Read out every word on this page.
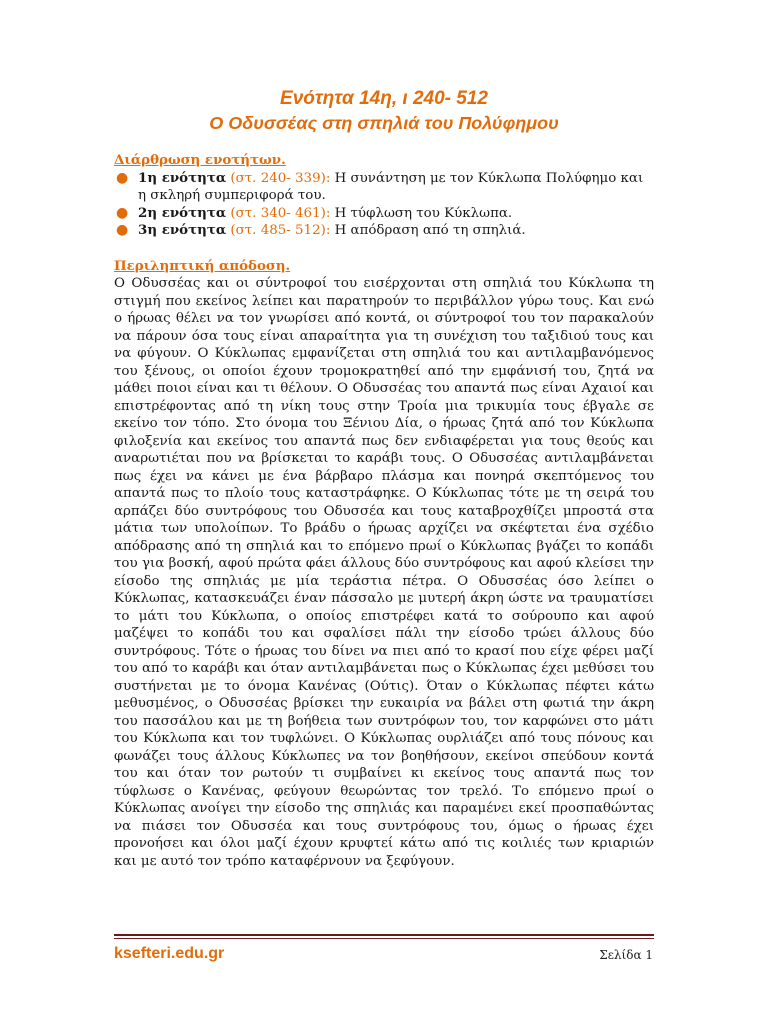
Ενότητα 14η, ι 240- 512
Ο Οδυσσέας στη σπηλιά του Πολύφημου
Διάρθρωση ενοτήτων.
● 1η ενότητα (στ. 240- 339): Η συνάντηση με τον Κύκλωπα Πολύφημο και η σκληρή συμπεριφορά του.
● 2η ενότητα (στ. 340- 461): Η τύφλωση του Κύκλωπα.
● 3η ενότητα (στ. 485- 512): Η απόδραση από τη σπηλιά.
Περιληπτική απόδοση.

Ο Οδυσσέας και οι σύντροφοί του εισέρχονται στη σπηλιά του Κύκλωπα τη στιγμή που εκείνος λείπει και παρατηρούν το περιβάλλον γύρω τους. Και ενώ ο ήρωας θέλει να τον γνωρίσει από κοντά, οι σύντροφοί του τον παρακαλούν να πάρουν όσα τους είναι απαραίτητα για τη συνέχιση του ταξιδιού τους και να φύγουν. Ο Κύκλωπας εμφανίζεται στη σπηλιά του και αντιλαμβανόμενος του ξένους, οι οποίοι έχουν τρομοκρατηθεί από την εμφάνισή του, ζητά να μάθει ποιοι είναι και τι θέλουν. Ο Οδυσσέας του απαντά πως είναι Αχαιοί και επιστρέφοντας από τη νίκη τους στην Τροία μια τρικυμία τους έβγαλε σε εκείνο τον τόπο. Στο όνομα του Ξένιου Δία, ο ήρωας ζητά από τον Κύκλωπα φιλοξενία και εκείνος του απαντά πως δεν ενδιαφέρεται για τους θεούς και αναρωτιέται που να βρίσκεται το καράβι τους. Ο Οδυσσέας αντιλαμβάνεται πως έχει να κάνει με ένα βάρβαρο πλάσμα και πονηρά σκεπτόμενος του απαντά πως το πλοίο τους καταστράφηκε. Ο Κύκλωπας τότε με τη σειρά του αρπάζει δύο συντρόφους του Οδυσσέα και τους καταβροχθίζει μπροστά στα μάτια των υπολοίπων. Το βράδυ ο ήρωας αρχίζει να σκέφτεται ένα σχέδιο απόδρασης από τη σπηλιά και το επόμενο πρωί ο Κύκλωπας βγάζει το κοπάδι του για βοσκή, αφού πρώτα φάει άλλους δύο συντρόφους και αφού κλείσει την είσοδο της σπηλιάς με μία τεράστια πέτρα. Ο Οδυσσέας όσο λείπει ο Κύκλωπας, κατασκευάζει έναν πάσσαλο με μυτερή άκρη ώστε να τραυματίσει το μάτι του Κύκλωπα, ο οποίος επιστρέφει κατά το σούρουπο και αφού μαζέψει το κοπάδι του και σφαλίσει πάλι την είσοδο τρώει άλλους δύο συντρόφους. Τότε ο ήρωας του δίνει να πιει από το κρασί που είχε φέρει μαζί του από το καράβι και όταν αντιλαμβάνεται πως ο Κύκλωπας έχει μεθύσει του συστήνεται με το όνομα Κανένας (Ούτις). Όταν ο Κύκλωπας πέφτει κάτω μεθυσμένος, ο Οδυσσέας βρίσκει την ευκαιρία να βάλει στη φωτιά την άκρη του πασσάλου και με τη βοήθεια των συντρόφων του, τον καρφώνει στο μάτι του Κύκλωπα και τον τυφλώνει. Ο Κύκλωπας ουρλιάζει από τους πόνους και φωνάζει τους άλλους Κύκλωπες να τον βοηθήσουν, εκείνοι σπεύδουν κοντά του και όταν τον ρωτούν τι συμβαίνει κι εκείνος τους απαντά πως τον τύφλωσε ο Κανένας, φεύγουν θεωρώντας τον τρελό. Το επόμενο πρωί ο Κύκλωπας ανοίγει την είσοδο της σπηλιάς και παραμένει εκεί προσπαθώντας να πιάσει τον Οδυσσέα και τους συντρόφους του, όμως ο ήρωας έχει προνοήσει και όλοι μαζί έχουν κρυφτεί κάτω από τις κοιλιές των κριαριών και με αυτό τον τρόπο καταφέρνουν να ξεφύγουν.

ksefteri.edu.gr	Σελίδα 1
